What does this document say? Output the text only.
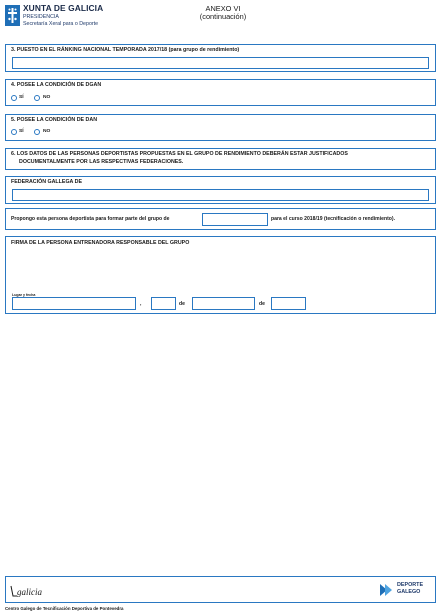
XUNTA DE GALICIA
PRESIDENCIA
Secretaría Xeral para o Deporte
ANEXO VI
(continuación)
3. PUESTO EN EL RÁNKING NACIONAL TEMPORADA 2017/18 (para grupo de rendimiento)
4. POSEE LA CONDICIÓN DE DGAN
SÍ	NO
5. POSEE LA CONDICIÓN DE DAN
SÍ	NO
6. LOS DATOS DE LAS PERSONAS DEPORTISTAS PROPUESTAS EN EL GRUPO DE RENDIMIENTO DEBERÁN ESTAR JUSTIFICADOS
DOCUMENTALMENTE POR LAS RESPECTIVAS FEDERACIONES.
FEDERACIÓN GALLEGA DE
Propongo esta persona deportista para formar parte del grupo de	para el curso 2018/19 (tecnificación o rendimiento).
FIRMA DE LA PERSONA ENTRENADORA RESPONSABLE DEL GRUPO
Lugar y fecha
,	de	de
galicia
DEPORTE
GALEGO
Centro Galego de Tecnificación Deportiva de Pontevedra
